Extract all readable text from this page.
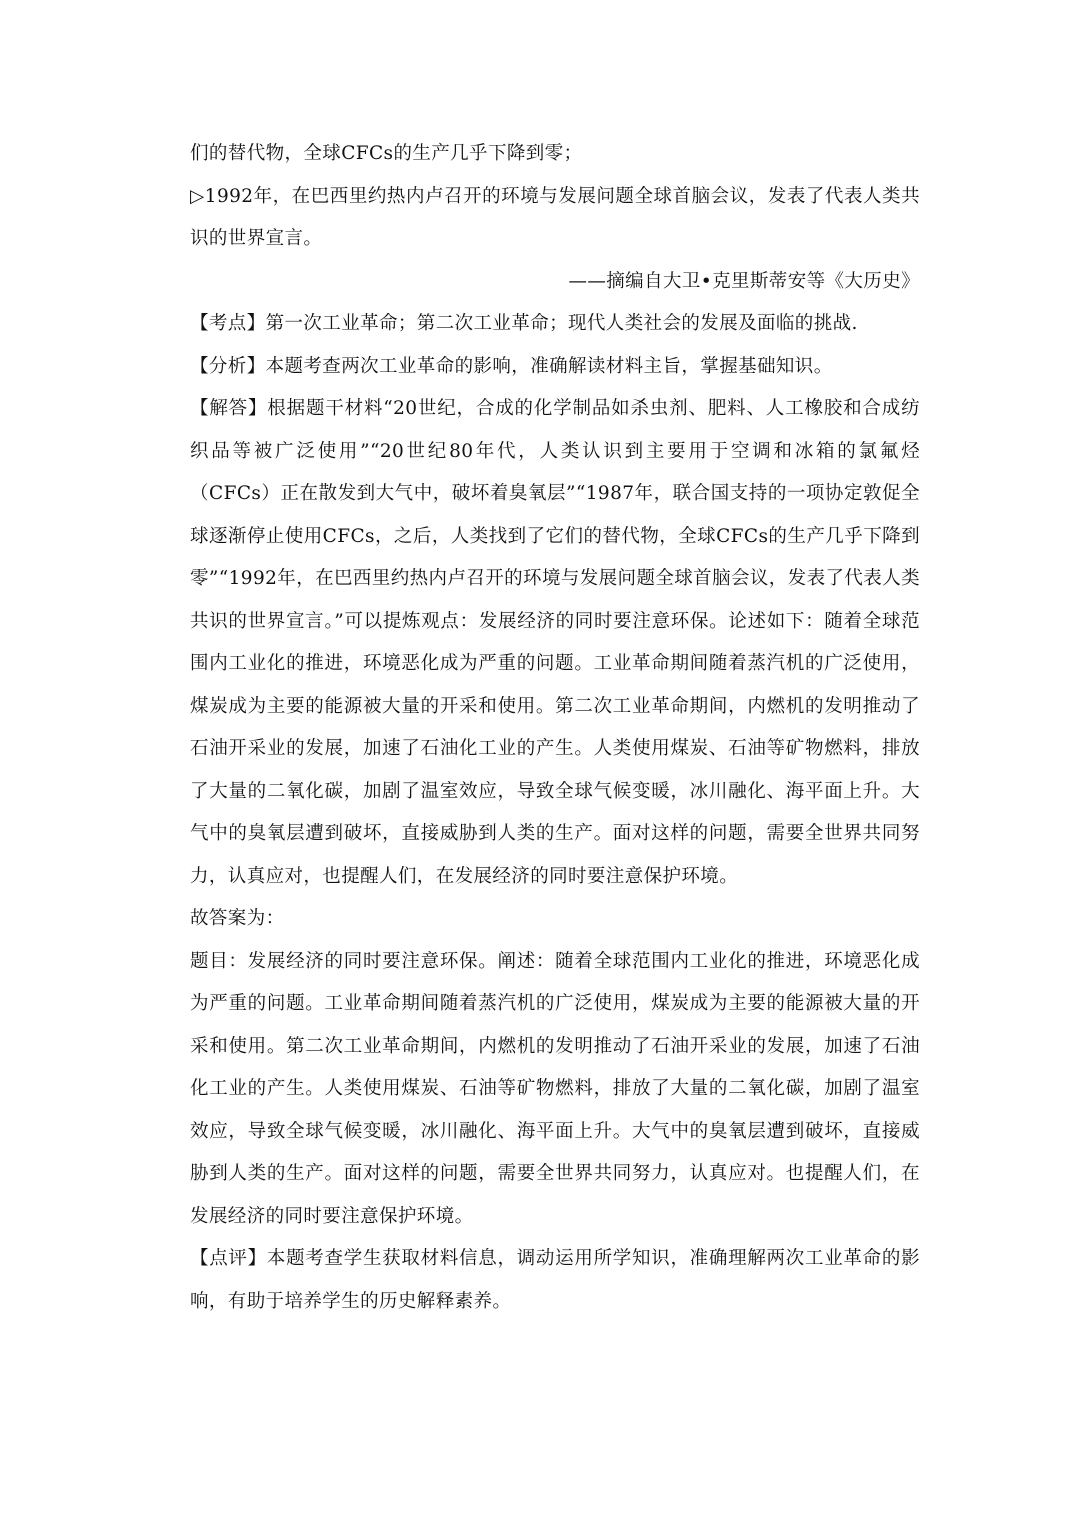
们的替代物，全球CFCs的生产几乎下降到零；

▷1992年，在巴西里约热内卢召开的环境与发展问题全球首脑会议，发表了代表人类共识的世界宣言。

——摘编自大卫•克里斯蒂安等《大历史》

【考点】第一次工业革命；第二次工业革命；现代人类社会的发展及面临的挑战.

【分析】本题考查两次工业革命的影响，准确解读材料主旨，掌握基础知识。

【解答】根据题干材料“20世纪，合成的化学制品如杀虫剂、肥料、人工橡胶和合成纺织品等被广泛使用”“20世纪80年代，人类认识到主要用于空调和冰箱的氯氟烃（CFCs）正在散发到大气中，破坏着臭氧层”“1987年，联合国支持的一项协定敦促全球逐渐停止使用CFCs，之后，人类找到了它们的替代物，全球CFCs的生产几乎下降到零”“1992年，在巴西里约热内卢召开的环境与发展问题全球首脑会议，发表了代表人类共识的世界宣言。”可以提炼观点：发展经济的同时要注意环保。论述如下：随着全球范围内工业化的推进，环境恶化成为严重的问题。工业革命期间随着蒸汽机的广泛使用，煤炭成为主要的能源被大量的开采和使用。第二次工业革命期间，内燃机的发明推动了石油开采业的发展，加速了石油化工业的产生。人类使用煤炭、石油等矿物燃料，排放了大量的二氧化碳，加剧了温室效应，导致全球气候变暖，冰川融化、海平面上升。大气中的臭氧层遭到破坏，直接威胁到人类的生产。面对这样的问题，需要全世界共同努力，认真应对，也提醒人们，在发展经济的同时要注意保护环境。

故答案为：

题目：发展经济的同时要注意环保。阐述：随着全球范围内工业化的推进，环境恶化成为严重的问题。工业革命期间随着蒸汽机的广泛使用，煤炭成为主要的能源被大量的开采和使用。第二次工业革命期间，内燃机的发明推动了石油开采业的发展，加速了石油化工业的产生。人类使用煤炭、石油等矿物燃料，排放了大量的二氧化碳，加剧了温室效应，导致全球气候变暖，冰川融化、海平面上升。大气中的臭氧层遭到破坏，直接威胁到人类的生产。面对这样的问题，需要全世界共同努力，认真应对。也提醒人们，在发展经济的同时要注意保护环境。

【点评】本题考查学生获取材料信息，调动运用所学知识，准确理解两次工业革命的影响，有助于培养学生的历史解释素养。
